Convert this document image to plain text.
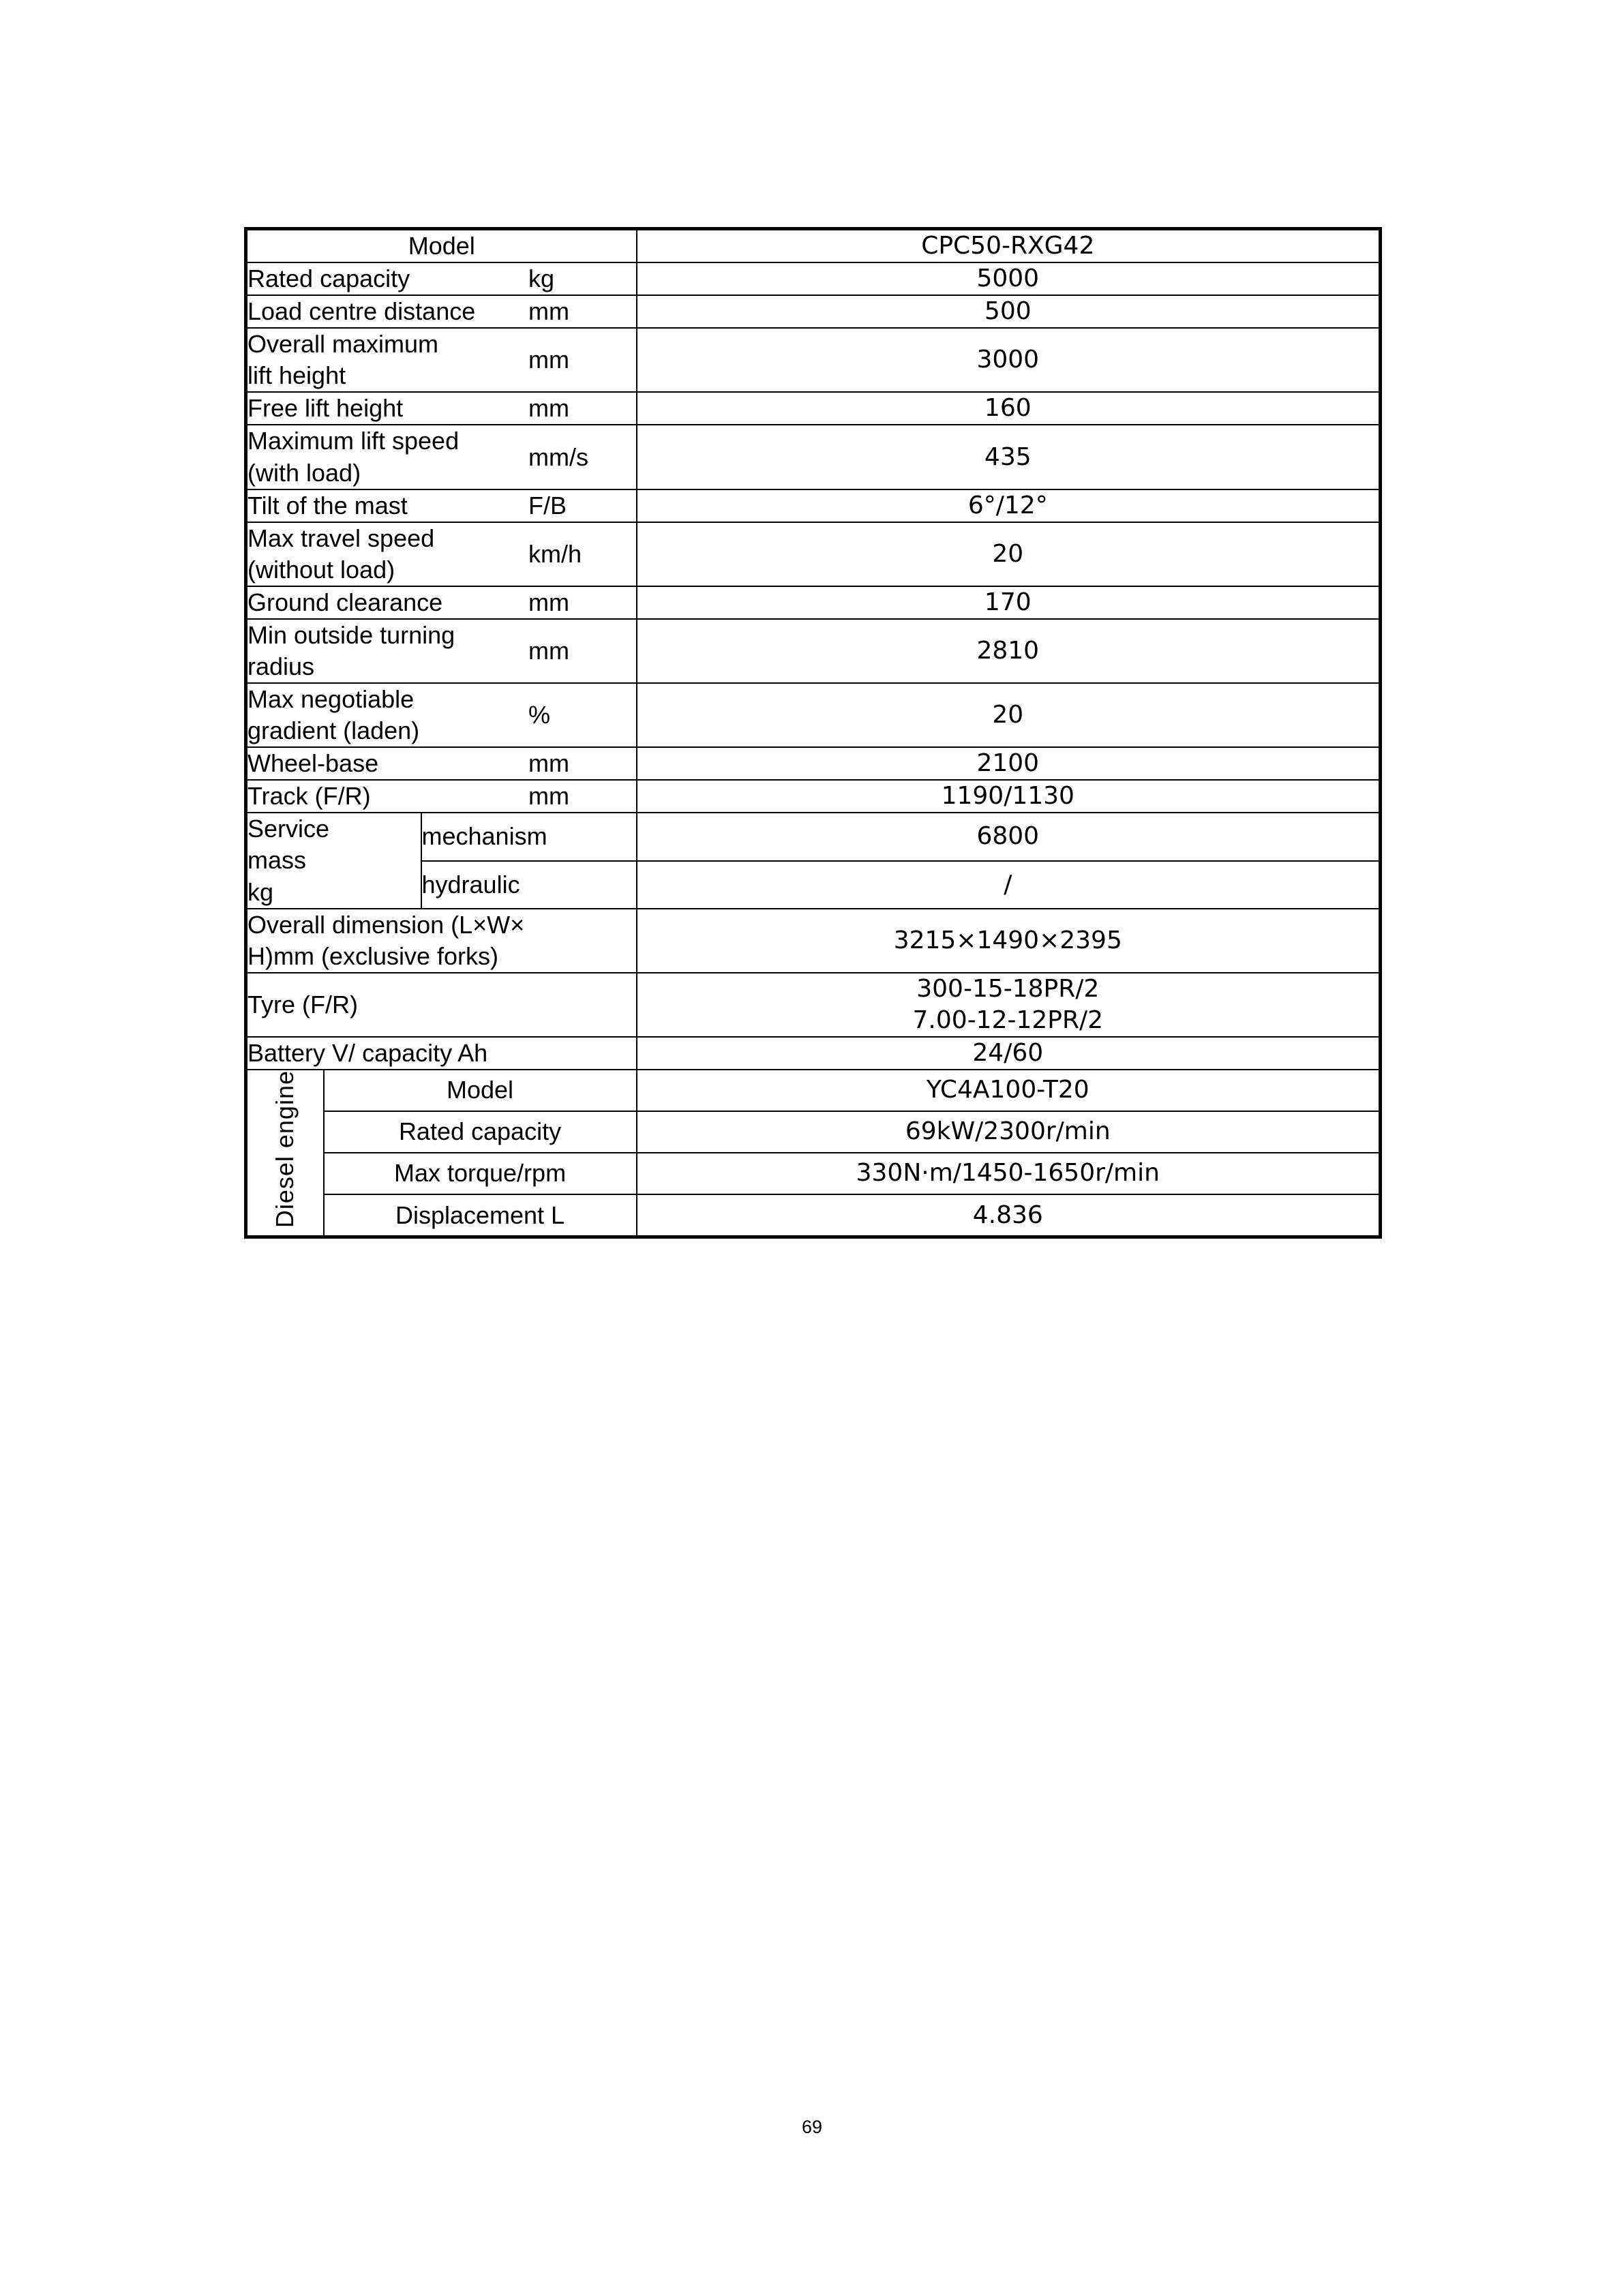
Model			CPC50-RXG42

Rated capacity kg			5000

Load centre distance mm			500

Overall maximum
lift height
mm			3000

Free lift height mm			160

Maximum lift speed
(with load)
mm/s			435

Tilt of the mast F/B			6°/12°

Max travel speed
(without load)
km/h			20

Ground clearance mm			170

Min outside turning
radius
mm			2810

Max negotiable
gradient (laden)
%			20

Wheel-base mm			2100

Track (F/R) mm			1190/1130
Service
mass
kg		mechanism	6800
		hydraulic	/
Overall dimension (L×W×
H)mm (exclusive forks)			3215×1490×2395
Tyre (F/R)			300-15-18PR/2
7.00-12-12PR/2

Battery V/ capacity Ah			24/60
Diesel engine	Model		YC4A100-T20
	Rated capacity		69kW/2300r/min
	Max torque/rpm		330N·m/1450-1650r/min
	Displacement L		4.836
69
